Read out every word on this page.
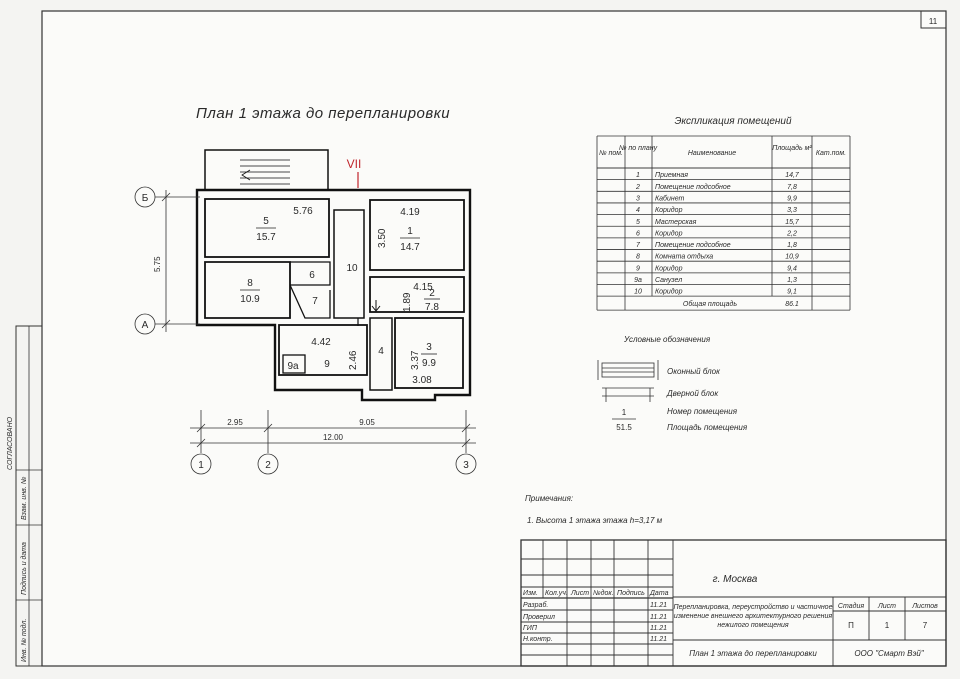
11
СОГЛАСОВАНО
Взам. инв. №
Подпись и дата
Инв. № подл.
План 1 этажа до перепланировки
VII
5
15.7
5.76	4.19
1
14.7
3.50
8
10.9
6
7
10
4.15
2
7.8
1.89
4.42
9 2.46
9a
4	3
9.9
3.08
3.37
Б
А
1	2	3
5.75
2.95	9.05
12.00
Экспликация помещений
№ пом.
№ по плану
Наименование
Площадь м²
Кат.пом.
1 Приемная	14,7
2 Помещение подсобное	7,8
3 Кабинет	9,9
4 Коридор	3,3
5 Мастерская	15,7
6 Коридор	2,2
7 Помещение подсобное	1,8
8 Комната отдыха	10,9
9 Коридор	9,4
9а Санузел	1,3
10 Коридор	9,1
Общая площадь	86.1
Условные обозначения
Оконный блок
Дверной блок
1
51.5
Номер помещения
Площадь помещения
Примечания:
1. Высота 1 этажа этажа h=3,17 м
Изм. Кол.уч. Лист №док. Подпись Дата
Разраб.	11.21
Проверил	11.21
ГИП	11.21
Н.контр.	11.21
г. Москва
Перепланировка, переустройство и частичное
изменение внешнего архитектурного решения
нежилого помещения
План 1 этажа до перепланировки	ООО "Смарт Вэй"
Стадия Лист Листов
П	1	7
